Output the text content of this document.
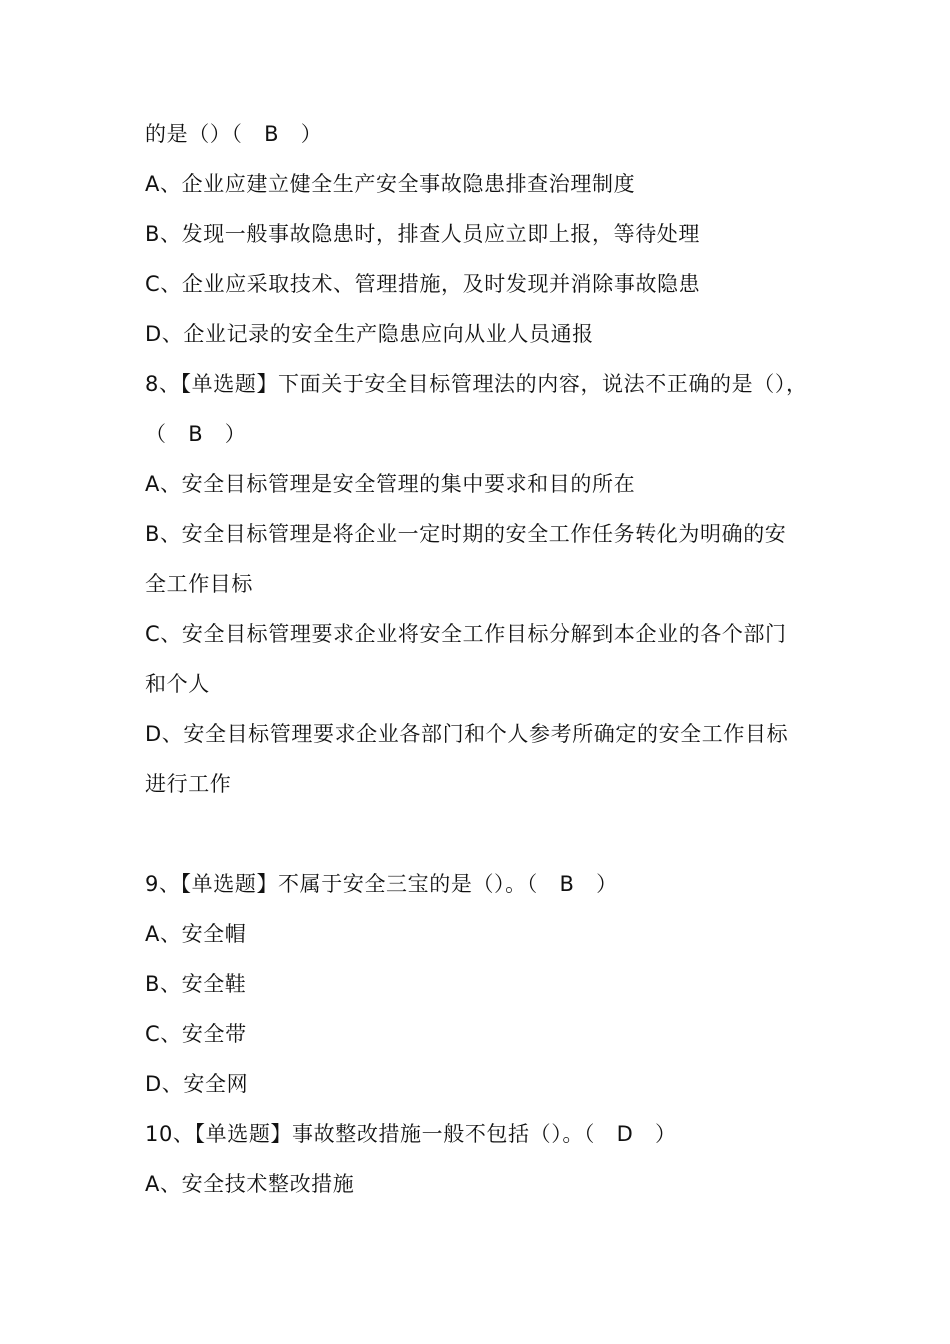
的是（）（　B　）
A、企业应建立健全生产安全事故隐患排查治理制度
B、发现一般事故隐患时，排查人员应立即上报，等待处理
C、企业应采取技术、管理措施，及时发现并消除事故隐患
D、企业记录的安全生产隐患应向从业人员通报
8、【单选题】下面关于安全目标管理法的内容，说法不正确的是（），
（　B　）
A、安全目标管理是安全管理的集中要求和目的所在
B、安全目标管理是将企业一定时期的安全工作任务转化为明确的安
全工作目标
C、安全目标管理要求企业将安全工作目标分解到本企业的各个部门
和个人
D、安全目标管理要求企业各部门和个人参考所确定的安全工作目标
进行工作
9、【单选题】不属于安全三宝的是（）。（　B　）
A、安全帽
B、安全鞋
C、安全带
D、安全网
10、【单选题】事故整改措施一般不包括（）。（　D　）
A、安全技术整改措施
